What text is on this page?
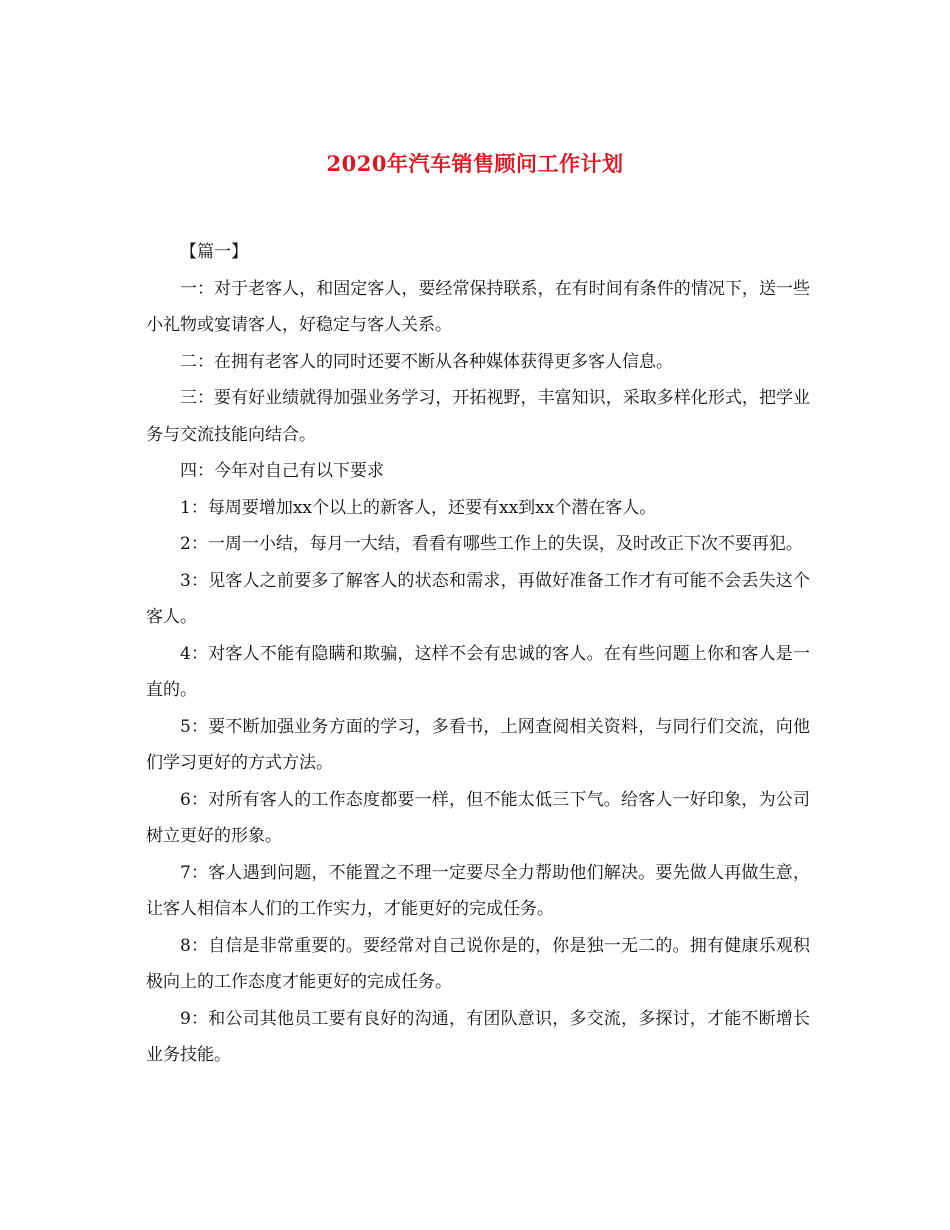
2020年汽车销售顾问工作计划

【篇一】

一：对于老客人，和固定客人，要经常保持联系，在有时间有条件的情况下，送一些小礼物或宴请客人，好稳定与客人关系。

二：在拥有老客人的同时还要不断从各种媒体获得更多客人信息。

三：要有好业绩就得加强业务学习，开拓视野，丰富知识，采取多样化形式，把学业务与交流技能向结合。

四：今年对自己有以下要求

1：每周要增加xx个以上的新客人，还要有xx到xx个潜在客人。

2：一周一小结，每月一大结，看看有哪些工作上的失误，及时改正下次不要再犯。

3：见客人之前要多了解客人的状态和需求，再做好准备工作才有可能不会丢失这个客人。

4：对客人不能有隐瞒和欺骗，这样不会有忠诚的客人。在有些问题上你和客人是一直的。

5：要不断加强业务方面的学习，多看书，上网查阅相关资料，与同行们交流，向他们学习更好的方式方法。

6：对所有客人的工作态度都要一样，但不能太低三下气。给客人一好印象，为公司树立更好的形象。

7：客人遇到问题，不能置之不理一定要尽全力帮助他们解决。要先做人再做生意，让客人相信本人们的工作实力，才能更好的完成任务。

8：自信是非常重要的。要经常对自己说你是的，你是独一无二的。拥有健康乐观积极向上的工作态度才能更好的完成任务。

9：和公司其他员工要有良好的沟通，有团队意识，多交流，多探讨，才能不断增长业务技能。
